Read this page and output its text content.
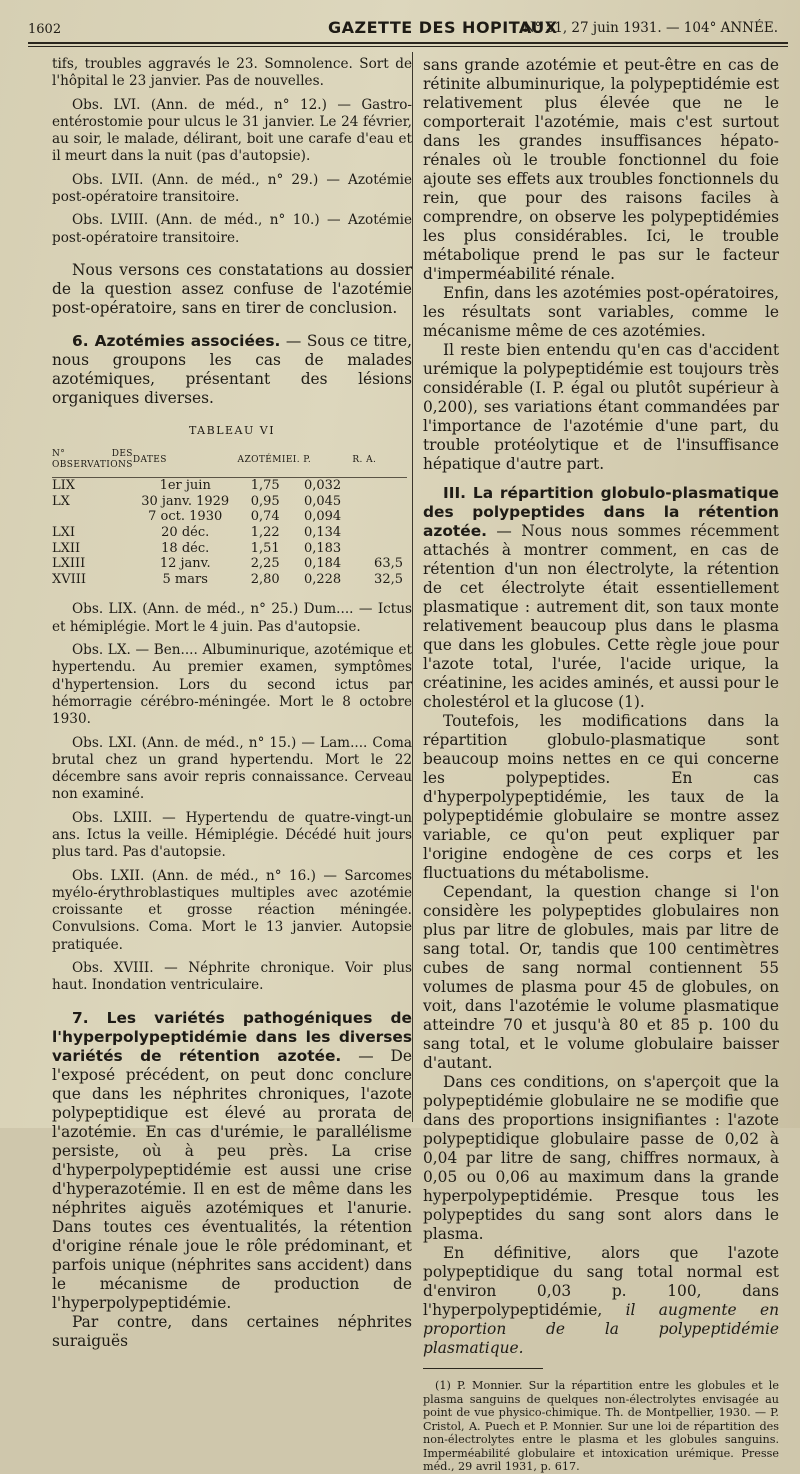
1602	GAZETTE DES HOPITAUX
N° 51, 27 juin 1931. — 104° ANNÉE.

tifs, troubles aggravés le 23. Somnolence. Sort de l'hôpital le 23 janvier. Pas de nouvelles.

Obs. LVI. (Ann. de méd., n° 12.) — Gastro-entérostomie pour ulcus le 31 janvier. Le 24 février, au soir, le malade, délirant, boit une carafe d'eau et il meurt dans la nuit (pas d'autopsie).

Obs. LVII. (Ann. de méd., n° 29.) — Azotémie post-opératoire transitoire.

Obs. LVIII. (Ann. de méd., n° 10.) — Azotémie post-opératoire transitoire.

Nous versons ces constatations au dossier de la question assez confuse de l'azotémie post-opératoire, sans en tirer de conclusion.

6. Azotémies associées. — Sous ce titre, nous groupons les cas de malades azotémiques, présentant des lésions organiques diverses.

TABLEAU VI
N° DES OBSERVATIONS	DATES	AZOTÉMIE	I. P.	R. A.
LIX	1er juin	1,75	0,032	
LX	30 janv. 1929	0,95	0,045	
	7 oct. 1930	0,74	0,094	
LXI	20 déc.	1,22	0,134	
LXII	18 déc.	1,51	0,183	
LXIII	12 janv.	2,25	0,184	63,5
XVIII	5 mars	2,80	0,228	32,5

Obs. LIX. (Ann. de méd., n° 25.) Dum.... — Ictus et hémiplégie. Mort le 4 juin. Pas d'autopsie.

Obs. LX. — Ben.... Albuminurique, azotémique et hypertendu. Au premier examen, symptômes d'hypertension. Lors du second ictus par hémorragie cérébro-méningée. Mort le 8 octobre 1930.

Obs. LXI. (Ann. de méd., n° 15.) — Lam.... Coma brutal chez un grand hypertendu. Mort le 22 décembre sans avoir repris connaissance. Cerveau non examiné.

Obs. LXIII. — Hypertendu de quatre-vingt-un ans. Ictus la veille. Hémiplégie. Décédé huit jours plus tard. Pas d'autopsie.

Obs. LXII. (Ann. de méd., n° 16.) — Sarcomes myélo-érythroblastiques multiples avec azotémie croissante et grosse réaction méningée. Convulsions. Coma. Mort le 13 janvier. Autopsie pratiquée.

Obs. XVIII. — Néphrite chronique. Voir plus haut. Inondation ventriculaire.

7. Les variétés pathogéniques de l'hyperpolypeptidémie dans les diverses variétés de rétention azotée. — De l'exposé précédent, on peut donc conclure que dans les néphrites chroniques, l'azote polypeptidique est élevé au prorata de l'azotémie. En cas d'urémie, le parallélisme persiste, où à peu près. La crise d'hyperpolypeptidémie est aussi une crise d'hyperazotémie. Il en est de même dans les néphrites aiguës azotémiques et l'anurie. Dans toutes ces éventualités, la rétention d'origine rénale joue le rôle prédominant, et parfois unique (néphrites sans accident) dans le mécanisme de production de l'hyperpolypeptidémie.

Par contre, dans certaines néphrites suraiguës

sans grande azotémie et peut-être en cas de rétinite albuminurique, la polypeptidémie est relativement plus élevée que ne le comporterait l'azotémie, mais c'est surtout dans les grandes insuffisances hépato-rénales où le trouble fonctionnel du foie ajoute ses effets aux troubles fonctionnels du rein, que pour des raisons faciles à comprendre, on observe les polypeptidémies les plus considérables. Ici, le trouble métabolique prend le pas sur le facteur d'imperméabilité rénale.

Enfin, dans les azotémies post-opératoires, les résultats sont variables, comme le mécanisme même de ces azotémies.

Il reste bien entendu qu'en cas d'accident urémique la polypeptidémie est toujours très considérable (I. P. égal ou plutôt supérieur à 0,200), ses variations étant commandées par l'importance de l'azotémie d'une part, du trouble protéolytique et de l'insuffisance hépatique d'autre part.

III. La répartition globulo-plasmatique des polypeptides dans la rétention azotée. — Nous nous sommes récemment attachés à montrer comment, en cas de rétention d'un non électrolyte, la rétention de cet électrolyte était essentiellement plasmatique : autrement dit, son taux monte relativement beaucoup plus dans le plasma que dans les globules. Cette règle joue pour l'azote total, l'urée, l'acide urique, la créatinine, les acides aminés, et aussi pour le cholestérol et la glucose (1).

Toutefois, les modifications dans la répartition globulo-plasmatique sont beaucoup moins nettes en ce qui concerne les polypeptides. En cas d'hyperpolypeptidémie, les taux de la polypeptidémie globulaire se montre assez variable, ce qu'on peut expliquer par l'origine endogène de ces corps et les fluctuations du métabolisme.

Cependant, la question change si l'on considère les polypeptides globulaires non plus par litre de globules, mais par litre de sang total. Or, tandis que 100 centimètres cubes de sang normal contiennent 55 volumes de plasma pour 45 de globules, on voit, dans l'azotémie le volume plasmatique atteindre 70 et jusqu'à 80 et 85 p. 100 du sang total, et le volume globulaire baisser d'autant.

Dans ces conditions, on s'aperçoit que la polypeptidémie globulaire ne se modifie que dans des proportions insignifiantes : l'azote polypeptidique globulaire passe de 0,02 à 0,04 par litre de sang, chiffres normaux, à 0,05 ou 0,06 au maximum dans la grande hyperpolypeptidémie. Presque tous les polypeptides du sang sont alors dans le plasma.

En définitive, alors que l'azote polypeptidique du sang total normal est d'environ 0,03 p. 100, dans l'hyperpolypeptidémie, il augmente en proportion de la polypeptidémie plasmatique.

(1) P. Monnier. Sur la répartition entre les globules et le plasma sanguins de quelques non-électrolytes envisagée au point de vue physico-chimique. Th. de Montpellier, 1930. — P. Cristol, A. Puech et P. Monnier. Sur une loi de répartition des non-électrolytes entre le plasma et les globules sanguins. Imperméabilité globulaire et intoxication urémique. Presse méd., 29 avril 1931, p. 617.
